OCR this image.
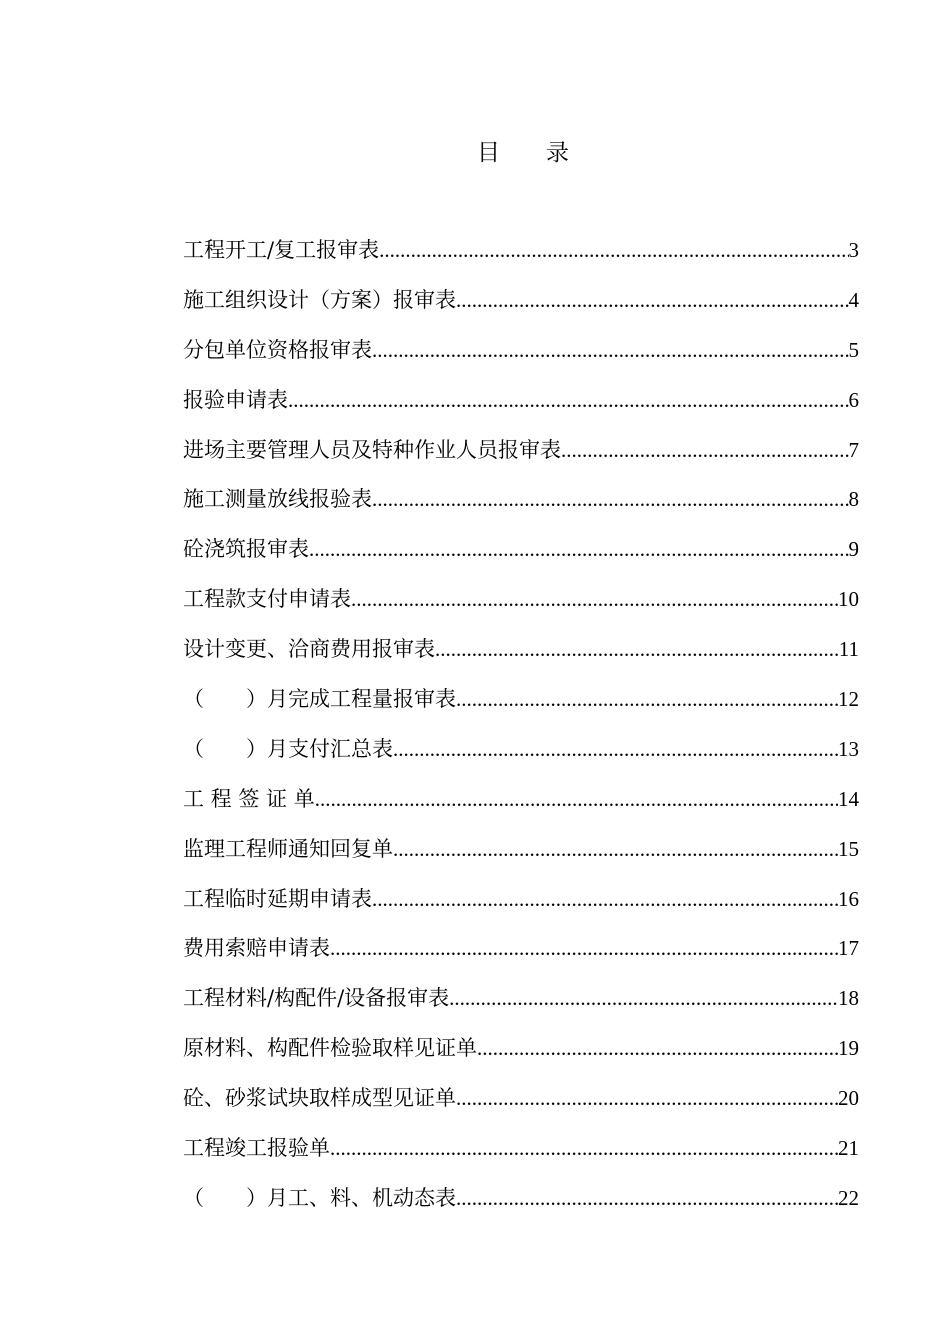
目 录
工程开工/复工报审表 .....	3
施工组织设计（方案）报审表 .....	4
分包单位资格报审表 .....	5
报验申请表 .....	6
进场主要管理人员及特种作业人员报审表 .....	7
施工测量放线报验表 .....	8
砼浇筑报审表 .....	9
工程款支付申请表 .....	10
设计变更、洽商费用报审表 .....	11
（　　）月完成工程量报审表 .....	12
（　　）月支付汇总表 .....	13
工 程 签 证 单 .....	14
监理工程师通知回复单 .....	15
工程临时延期申请表 .....	16
费用索赔申请表 .....	17
工程材料/构配件/设备报审表 .....	18
原材料、构配件检验取样见证单 .....	19
砼、砂浆试块取样成型见证单 .....	20
工程竣工报验单 .....	21
（　　）月工、料、机动态表 .....	22
